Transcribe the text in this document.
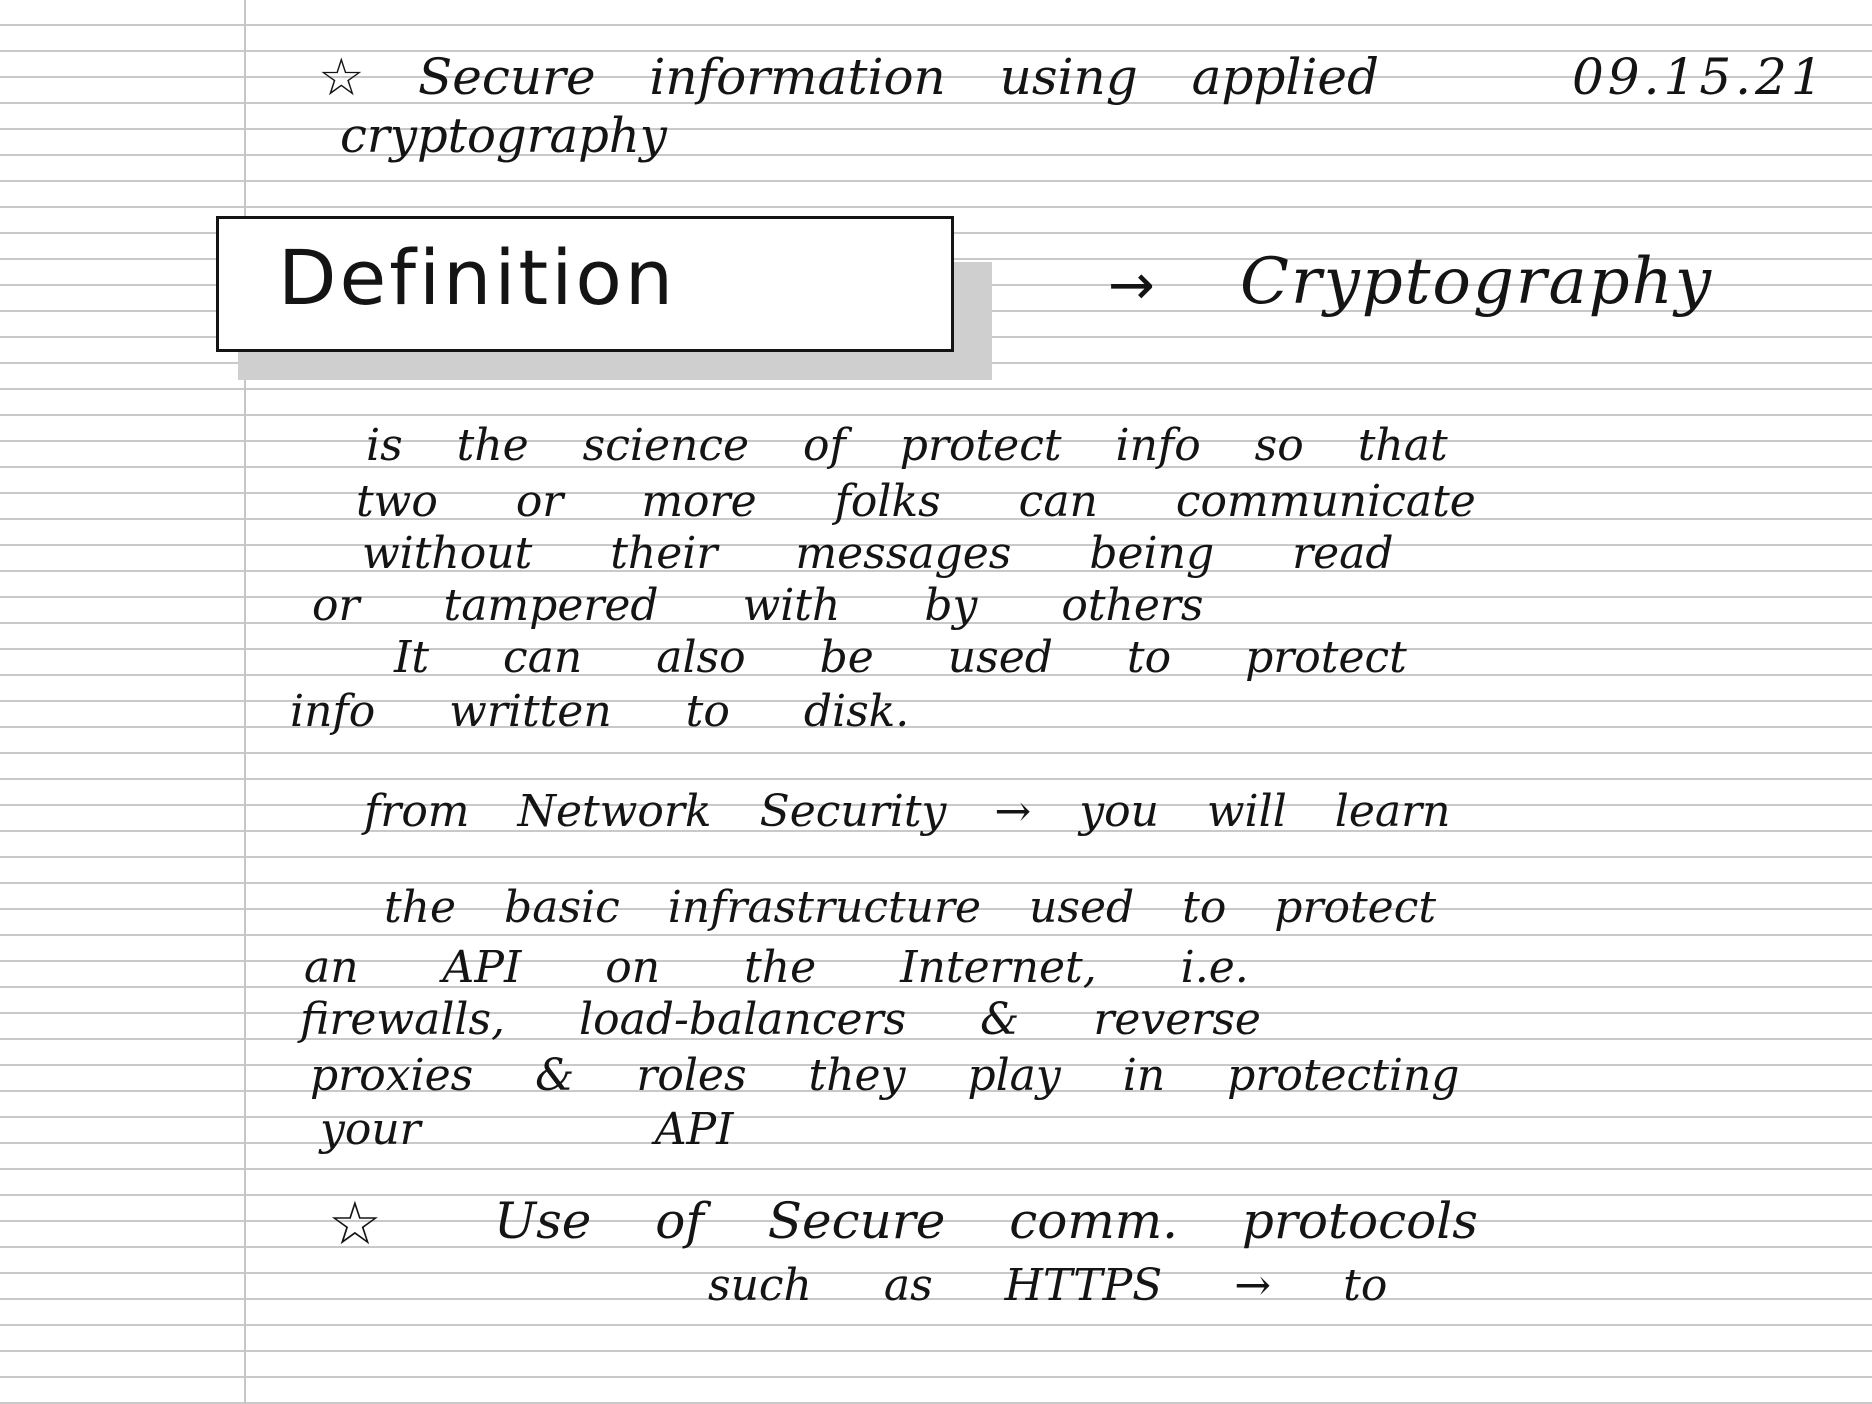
☆ Secure information using applied	09.15.21
cryptography
Definition	→ Cryptography
is the science of protect info so that
two or more folks can communicate
without their messages being read
or tampered with by others
It can also be used to protect
info written to disk.
from Network Security → you will learn
the basic infrastructure used to protect
an API on the Internet, i.e.
firewalls, load-balancers & reverse
proxies & roles they play in protecting
your API
☆ Use of Secure comm. protocols
such as HTTPS → to
